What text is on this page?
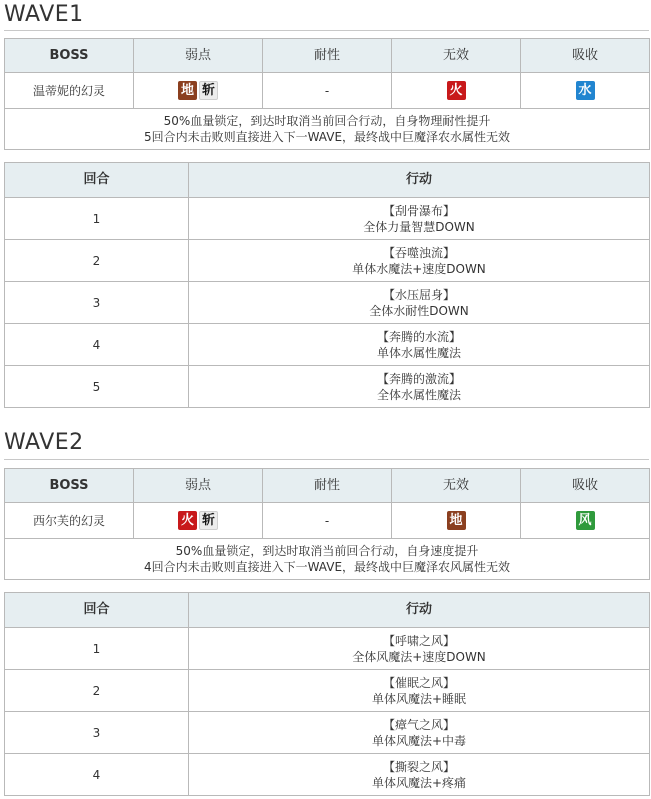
WAVE1
BOSS	弱点	耐性	无效	吸收
温蒂妮的幻灵	地 斩	-	火	水

50%血量锁定，到达时取消当前回合行动，自身物理耐性提升
5回合内未击败则直接进入下一WAVE，最终战中巨魔泽农水属性无效				
回合	行动
1	【刮骨瀑布】
全体力量智慧DOWN

2	【吞噬浊流】
单体水魔法+速度DOWN

3	【水压屈身】
全体水耐性DOWN

4	【奔腾的水流】
单体水属性魔法

5	【奔腾的激流】
全体水属性魔法
WAVE2
BOSS	弱点	耐性	无效	吸收
西尔芙的幻灵	火 斩	-	地	风

50%血量锁定，到达时取消当前回合行动，自身速度提升
4回合内未击败则直接进入下一WAVE，最终战中巨魔泽农风属性无效				
回合	行动
1	【呼啸之风】
全体风魔法+速度DOWN

2	【催眠之风】
单体风魔法+睡眠

3	【瘴气之风】
单体风魔法+中毒

4	【撕裂之风】
单体风魔法+疼痛
